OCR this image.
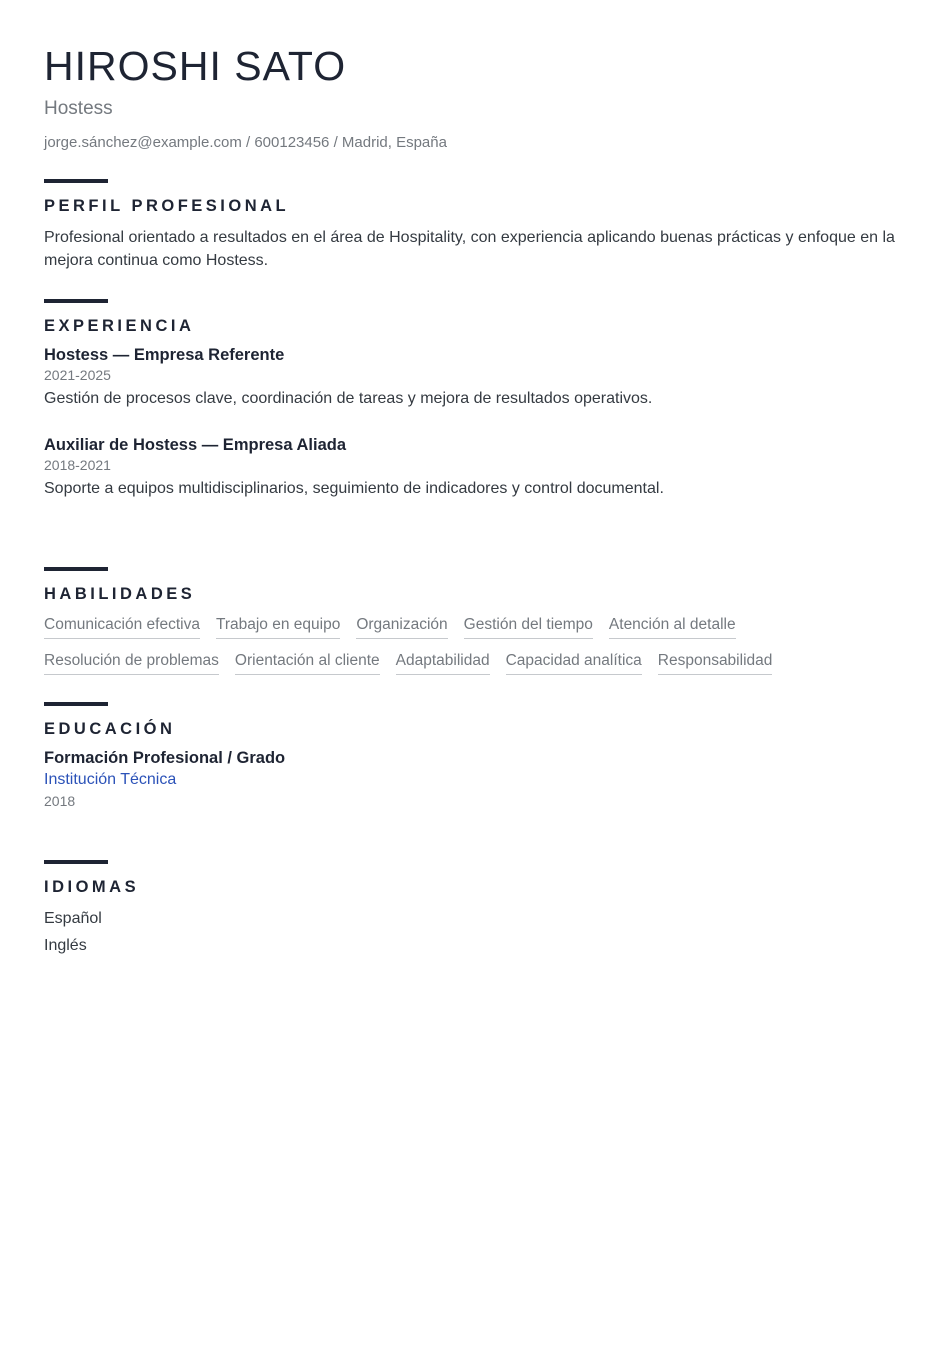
HIROSHI SATO

Hostess

jorge.sánchez@example.com / 600123456 / Madrid, España

PERFIL PROFESIONAL

Profesional orientado a resultados en el área de Hospitality, con experiencia aplicando buenas prácticas y enfoque en la mejora continua como Hostess.

EXPERIENCIA
Hostess — Empresa Referente

2021-2025

Gestión de procesos clave, coordinación de tareas y mejora de resultados operativos.

Auxiliar de Hostess — Empresa Aliada

2018-2021

Soporte a equipos multidisciplinarios, seguimiento de indicadores y control documental.

HABILIDADES
Comunicación efectiva Trabajo en equipo Organización Gestión del tiempo Atención al detalle
Resolución de problemas Orientación al cliente Adaptabilidad Capacidad analítica Responsabilidad
EDUCACIÓN
Formación Profesional / Grado
Institución Técnica

2018

IDIOMAS

Español

Inglés
